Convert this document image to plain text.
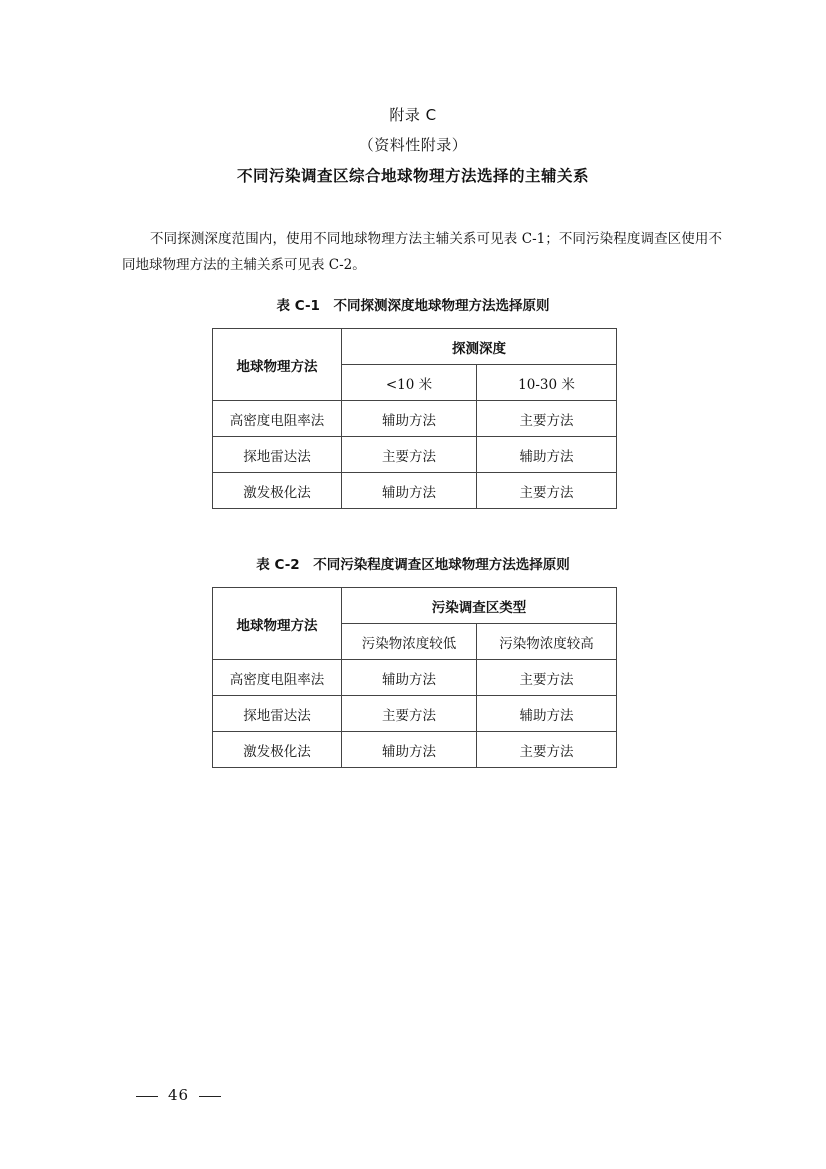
附录 C
（资料性附录）
不同污染调查区综合地球物理方法选择的主辅关系
不同探测深度范围内，使用不同地球物理方法主辅关系可见表 C-1；不同污染程度调查区使用不同地球物理方法的主辅关系可见表 C-2。
表 C-1　不同探测深度地球物理方法选择原则
地球物理方法	探测深度	
	<10 米	10-30 米
高密度电阻率法	辅助方法	主要方法
探地雷达法	主要方法	辅助方法
激发极化法	辅助方法	主要方法
表 C-2　不同污染程度调查区地球物理方法选择原则
地球物理方法	污染调查区类型	
	污染物浓度较低	污染物浓度较高
高密度电阻率法	辅助方法	主要方法
探地雷达法	主要方法	辅助方法
激发极化法	辅助方法	主要方法
46
